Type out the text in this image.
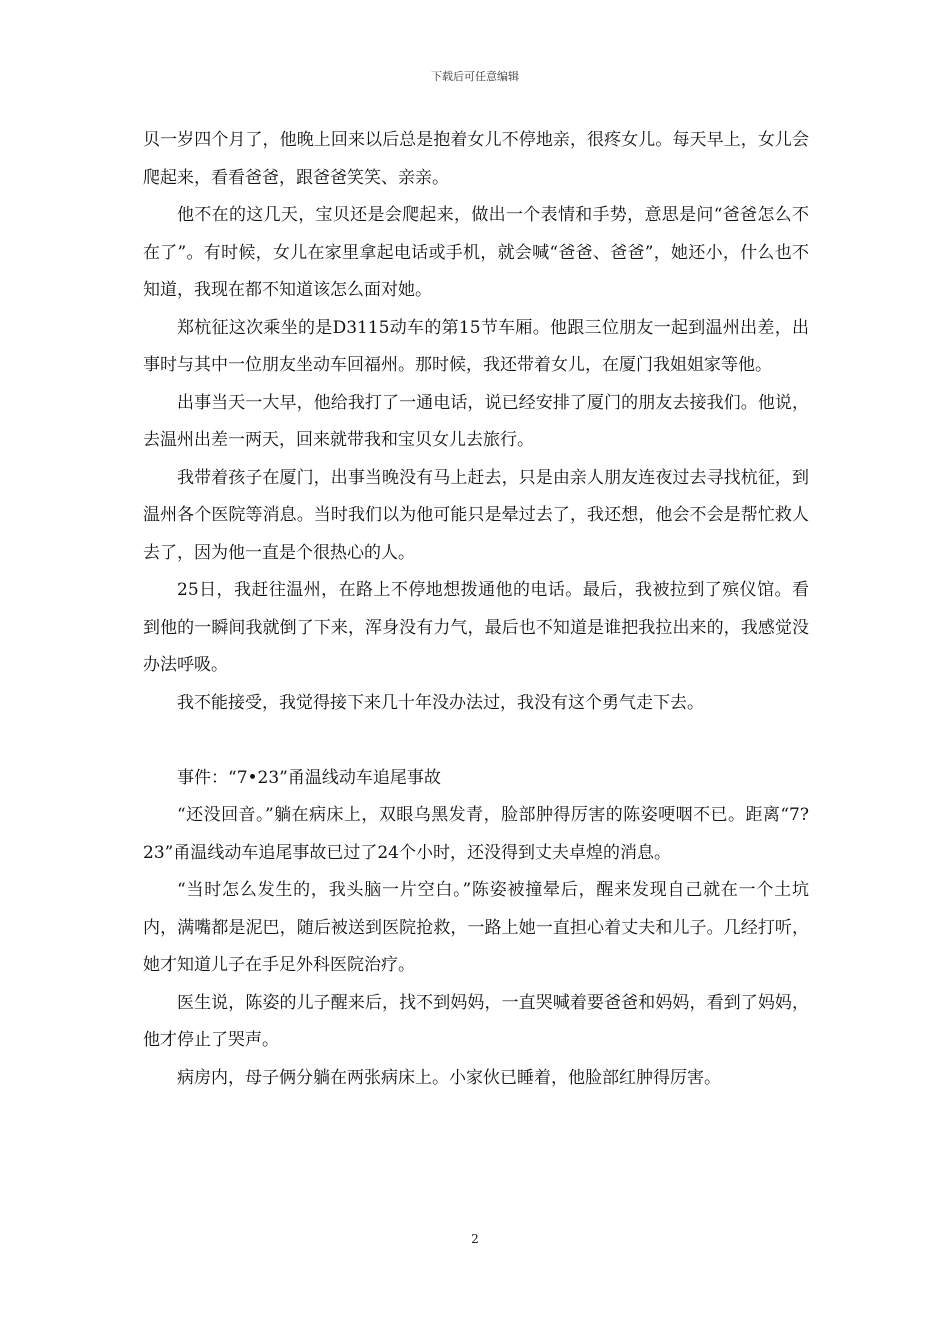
下载后可任意编辑

贝一岁四个月了，他晚上回来以后总是抱着女儿不停地亲，很疼女儿。每天早上，女儿会爬起来，看看爸爸，跟爸爸笑笑、亲亲。

他不在的这几天，宝贝还是会爬起来，做出一个表情和手势，意思是问“爸爸怎么不在了”。有时候，女儿在家里拿起电话或手机，就会喊“爸爸、爸爸”，她还小，什么也不知道，我现在都不知道该怎么面对她。

郑杭征这次乘坐的是D3115动车的第15节车厢。他跟三位朋友一起到温州出差，出事时与其中一位朋友坐动车回福州。那时候，我还带着女儿，在厦门我姐姐家等他。

出事当天一大早，他给我打了一通电话，说已经安排了厦门的朋友去接我们。他说，去温州出差一两天，回来就带我和宝贝女儿去旅行。

我带着孩子在厦门，出事当晚没有马上赶去，只是由亲人朋友连夜过去寻找杭征，到温州各个医院等消息。当时我们以为他可能只是晕过去了，我还想，他会不会是帮忙救人去了，因为他一直是个很热心的人。

25日，我赶往温州，在路上不停地想拨通他的电话。最后，我被拉到了殡仪馆。看到他的一瞬间我就倒了下来，浑身没有力气，最后也不知道是谁把我拉出来的，我感觉没办法呼吸。

我不能接受，我觉得接下来几十年没办法过，我没有这个勇气走下去。

事件：“7•23”甬温线动车追尾事故

“还没回音。”躺在病床上，双眼乌黑发青，脸部肿得厉害的陈姿哽咽不已。距离“7?23”甬温线动车追尾事故已过了24个小时，还没得到丈夫卓煌的消息。

“当时怎么发生的，我头脑一片空白。”陈姿被撞晕后，醒来发现自己就在一个土坑内，满嘴都是泥巴，随后被送到医院抢救，一路上她一直担心着丈夫和儿子。几经打听，她才知道儿子在手足外科医院治疗。

医生说，陈姿的儿子醒来后，找不到妈妈，一直哭喊着要爸爸和妈妈，看到了妈妈，他才停止了哭声。

病房内，母子俩分躺在两张病床上。小家伙已睡着，他脸部红肿得厉害。

2
